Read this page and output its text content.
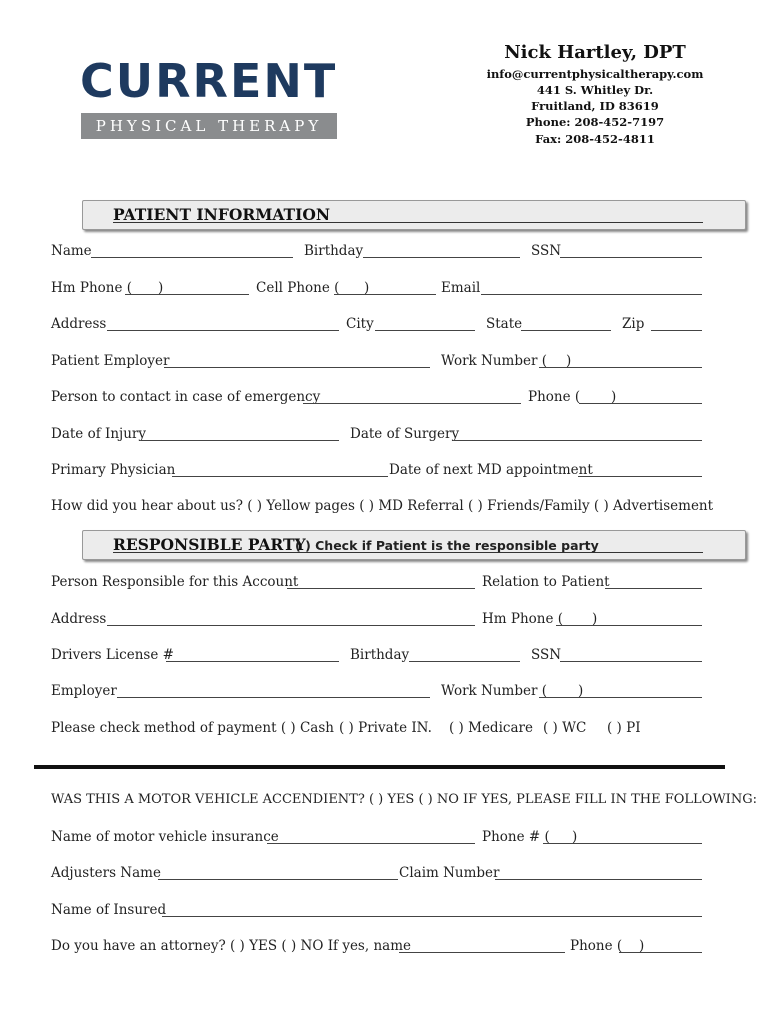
CURRENT
PHYSICAL THERAPY
Nick Hartley, DPT
info@currentphysicaltherapy.com
441 S. Whitley Dr.
Fruitland, ID 83619
Phone: 208-452-7197
Fax: 208-452-4811
PATIENT INFORMATION
Name	Birthday	SSN
Hm Phone ( )	Cell Phone ( )	Email
Address	City	State	Zip
Patient Employer	Work Number ( )
Person to contact in case of emergency	Phone ( )
Date of Injury	Date of Surgery
Primary Physician	Date of next MD appointment
How did you hear about us? ( ) Yellow pages ( ) MD Referral ( ) Friends/Family ( ) Advertisement
RESPONSIBLE PARTY
( ) Check if Patient is the responsible party
Person Responsible for this Account	Relation to Patient
Address	Hm Phone ( )
Drivers License #	Birthday	SSN
Employer	Work Number ( )
Please check method of payment ( ) Cash ( ) Private IN. ( ) Medicare ( ) WC ( ) PI
WAS THIS A MOTOR VEHICLE ACCENDIENT? ( ) YES ( ) NO IF YES, PLEASE FILL IN THE FOLLOWING:
Name of motor vehicle insurance	Phone # ( )
Adjusters Name	Claim Number
Name of Insured
Do you have an attorney? ( ) YES ( ) NO If yes, name	Phone ( )
